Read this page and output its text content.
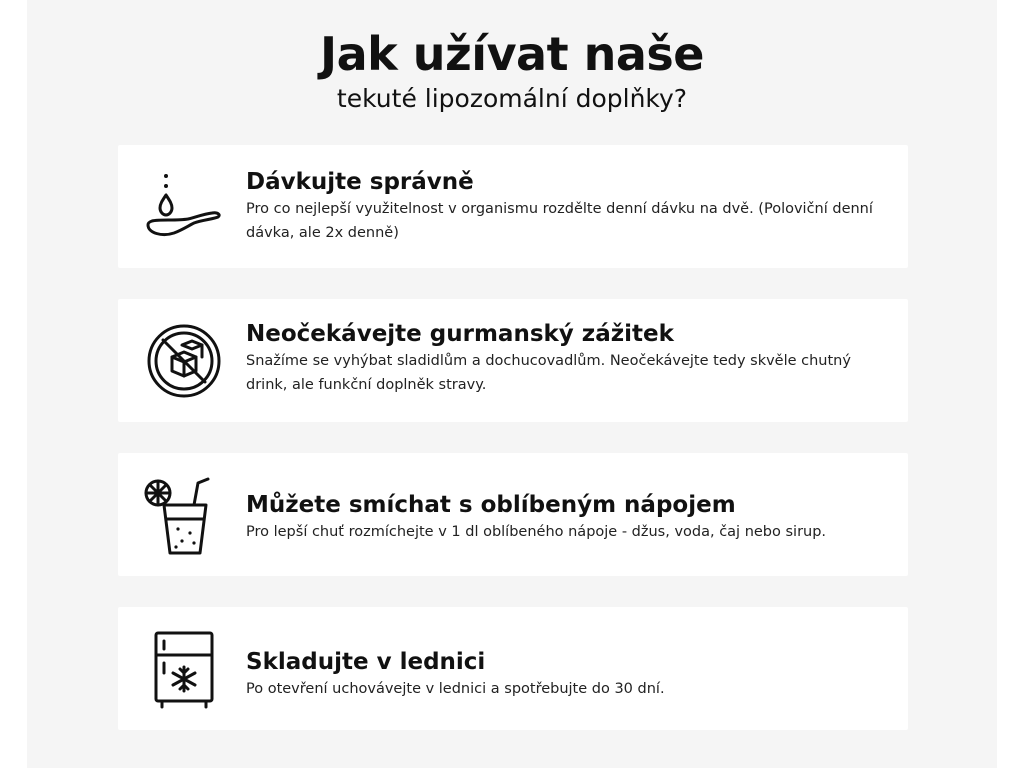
Jak užívat naše

tekuté lipozomální doplňky?

Dávkujte správně

Pro co nejlepší využitelnost v organismu rozdělte denní dávku na dvě. (Poloviční denní dávka, ale 2x denně)

Neočekávejte gurmanský zážitek

Snažíme se vyhýbat sladidlům a dochucovadlům. Neočekávejte tedy skvěle chutný drink, ale funkční doplněk stravy.

Můžete smíchat s oblíbeným nápojem

Pro lepší chuť rozmíchejte v 1 dl oblíbeného nápoje - džus, voda, čaj nebo sirup.

Skladujte v lednici

Po otevření uchovávejte v lednici a spotřebujte do 30 dní.
